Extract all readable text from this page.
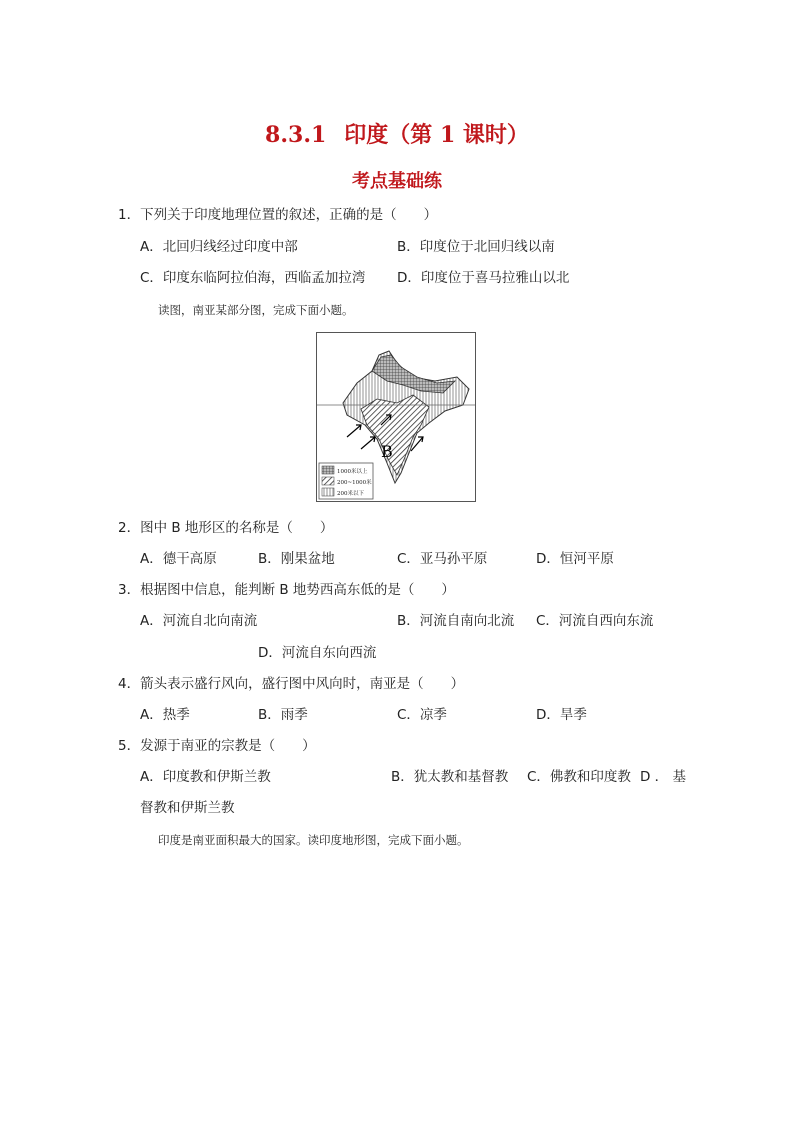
8.3.1 印度（第 1 课时）
考点基础练
1．下列关于印度地理位置的叙述，正确的是（　　）
A．北回归线经过印度中部	B．印度位于北回归线以南
C．印度东临阿拉伯海，西临孟加拉湾 D．印度位于喜马拉雅山以北
读图，南亚某部分图，完成下面小题。
B
1000米以上
200~1000米
200米以下
2．图中 B 地形区的名称是（　　）
A．德干高原	B．刚果盆地	C．亚马孙平原	D．恒河平原
3．根据图中信息，能判断 B 地势西高东低的是（　　）
A．河流自北向南流	B．河流自南向北流 C．河流自西向东流
D．河流自东向西流
4．箭头表示盛行风向，盛行图中风向时，南亚是（　　）
A．热季	B．雨季	C．凉季	D．旱季
5．发源于南亚的宗教是（　　）
A．印度教和伊斯兰教	B．犹太教和基督教 C．佛教和印度教 D ． 基
督教和伊斯兰教
印度是南亚面积最大的国家。读印度地形图，完成下面小题。
